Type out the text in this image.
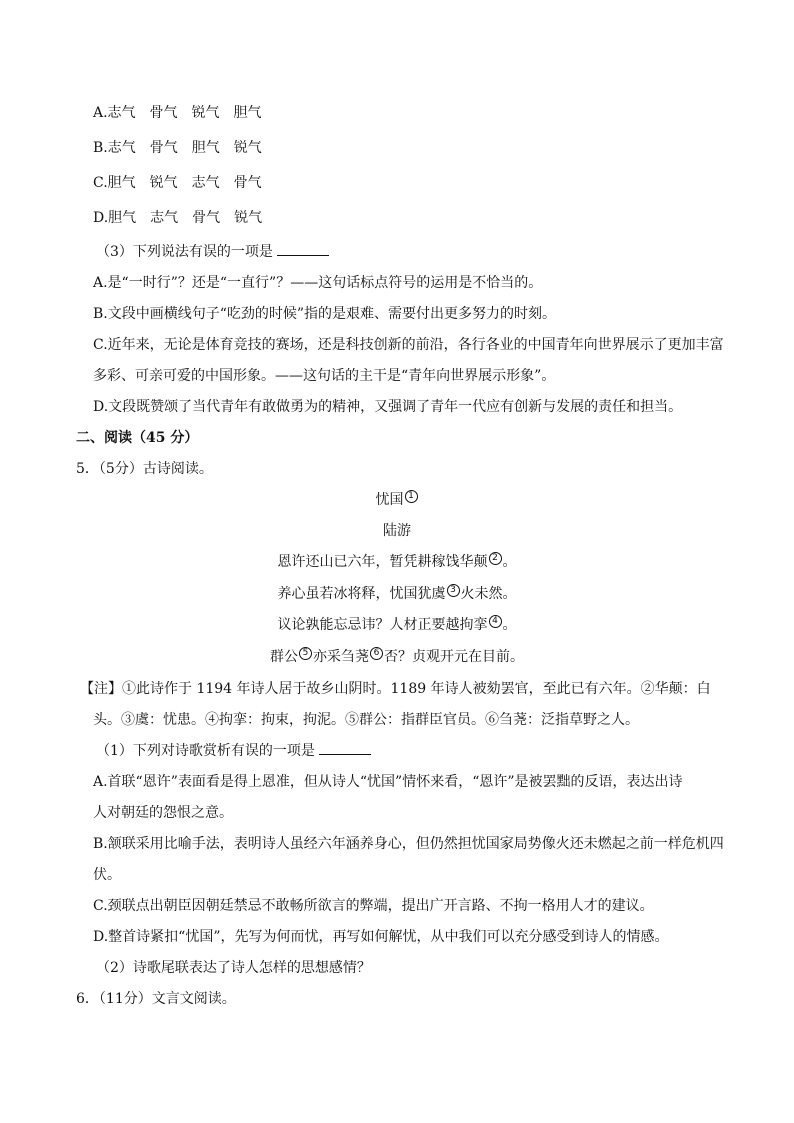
A.志气　骨气　锐气　胆气
B.志气　骨气　胆气　锐气
C.胆气　锐气　志气　骨气
D.胆气　志气　骨气　锐气
（3）下列说法有误的一项是
A.是“一时行”？还是“一直行”？——这句话标点符号的运用是不恰当的。
B.文段中画横线句子“吃劲的时候”指的是艰难、需要付出更多努力的时刻。
C.近年来，无论是体育竞技的赛场，还是科技创新的前沿，各行各业的中国青年向世界展示了更加丰富
多彩、可亲可爱的中国形象。——这句话的主干是“青年向世界展示形象”。
D.文段既赞颂了当代青年有敢做勇为的精神，又强调了青年一代应有创新与发展的责任和担当。
二、阅读（45 分）
5．（5分）古诗阅读。
忧国 $^1$
陆游
恩许还山已六年，暂凭耕稼饯华颠 $^2$ 。
养心虽若冰将释，忧国犹虞 $^3$ 火未然。
议论孰能忘忌讳？人材正要越拘挛 $^4$ 。
群公 $^5$ 亦采刍荛 $^6$ 否？贞观开元在目前。
【注】①此诗作于 1194 年诗人居于故乡山阴时。1189 年诗人被劾罢官，至此已有六年。②华颠：白
头。③虞：忧患。④拘挛：拘束，拘泥。⑤群公：指群臣官员。⑥刍荛：泛指草野之人。
（1）下列对诗歌赏析有误的一项是
A.首联“恩许”表面看是得上恩准，但从诗人“忧国”情怀来看，“恩许”是被罢黜的反语，表达出诗
人对朝廷的怨恨之意。
B.颔联采用比喻手法，表明诗人虽经六年涵养身心，但仍然担忧国家局势像火还未燃起之前一样危机四
伏。
C.颈联点出朝臣因朝廷禁忌不敢畅所欲言的弊端，提出广开言路、不拘一格用人才的建议。
D.整首诗紧扣“忧国”，先写为何而忧，再写如何解忧，从中我们可以充分感受到诗人的情感。
（2）诗歌尾联表达了诗人怎样的思想感情？
6．（11分）文言文阅读。
